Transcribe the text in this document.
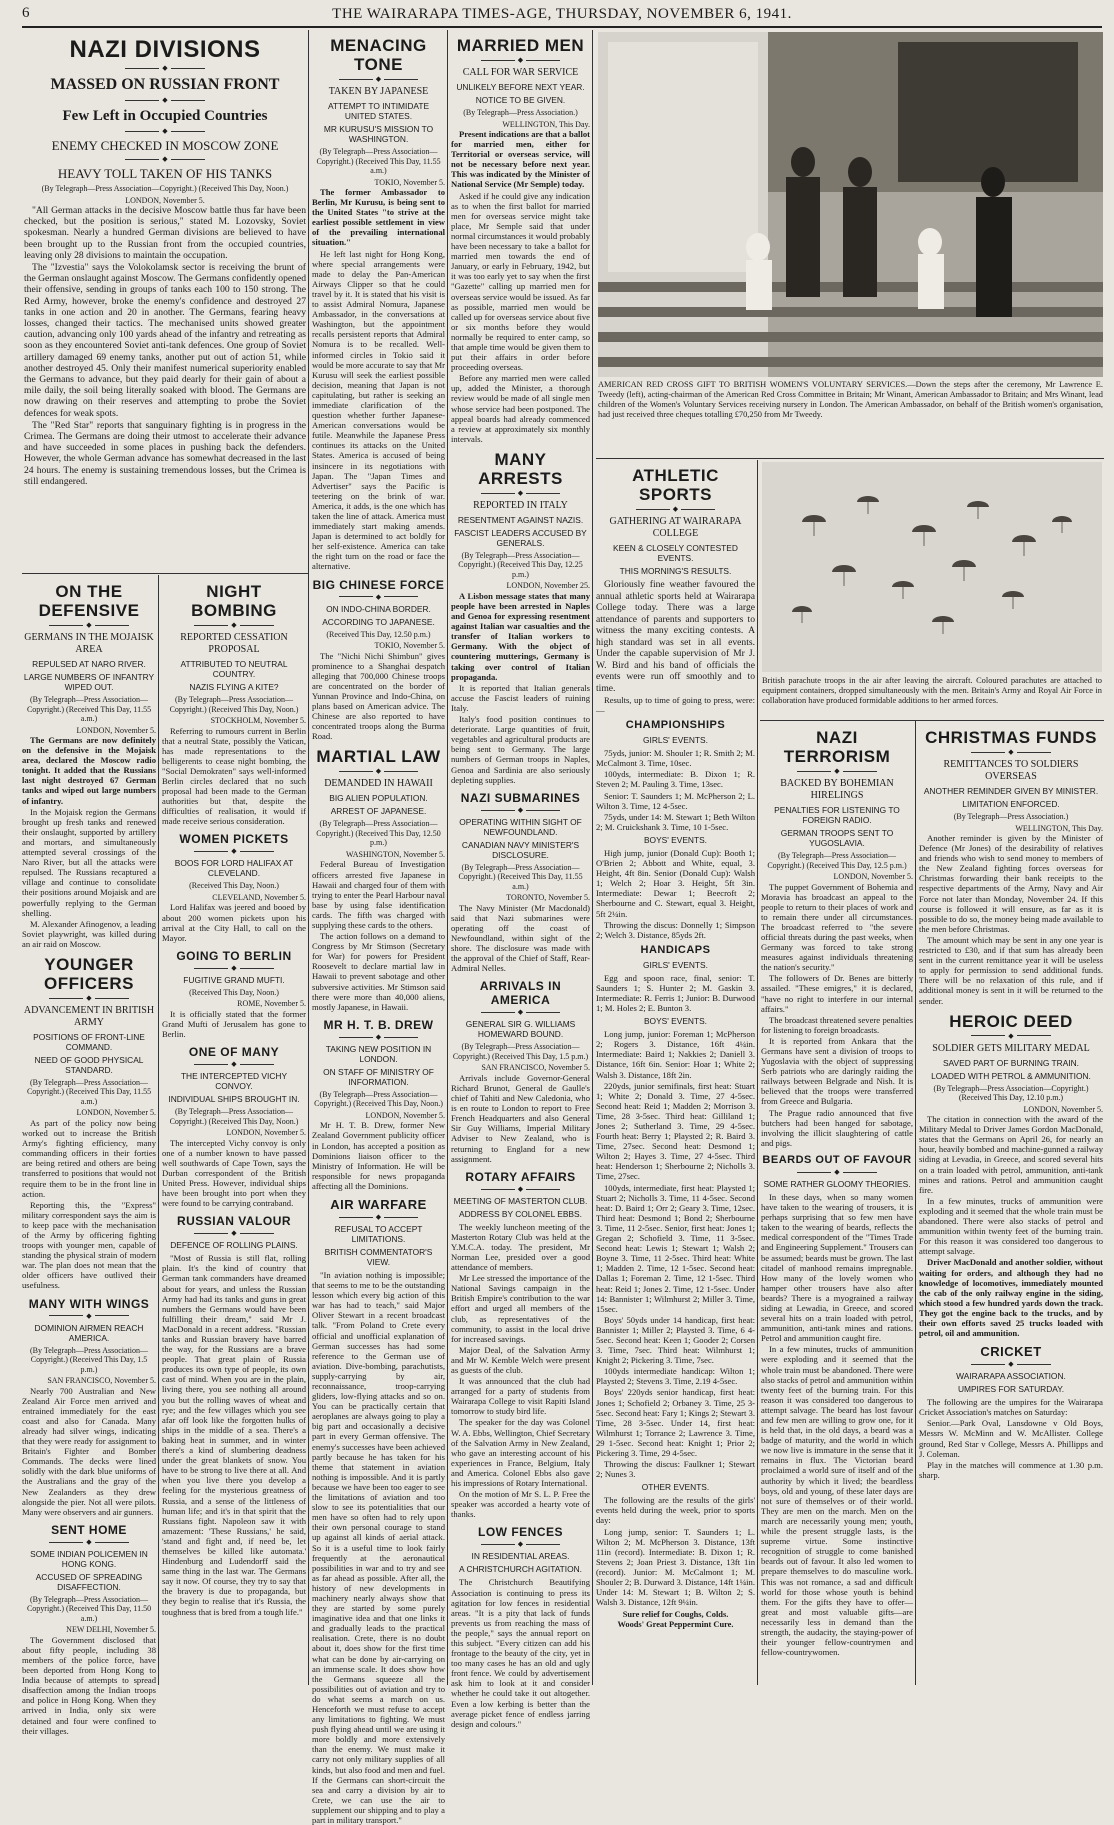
6	THE WAIRARAPA TIMES-AGE, THURSDAY, NOVEMBER 6, 1941.
NAZI DIVISIONS
◆
MASSED ON RUSSIAN FRONT
◆
Few Left in Occupied Countries
◆
ENEMY CHECKED IN MOSCOW ZONE
◆
HEAVY TOLL TAKEN OF HIS TANKS
(By Telegraph—Press Association—Copyright.) (Received This Day, Noon.)
LONDON, November 5.

"All German attacks in the decisive Moscow battle thus far have been checked, but the position is serious," stated M. Lozovsky, Soviet spokesman. Nearly a hundred German divisions are believed to have been brought up to the Russian front from the occupied countries, leaving only 28 divisions to maintain the occupation.

The "Izvestia" says the Volokolamsk sector is receiving the brunt of the German onslaught against Moscow. The Germans confidently opened their offensive, sending in groups of tanks each 100 to 150 strong. The Red Army, however, broke the enemy's confidence and destroyed 27 tanks in one action and 20 in another. The Germans, fearing heavy losses, changed their tactics. The mechanised units showed greater caution, advancing only 100 yards ahead of the infantry and retreating as soon as they encountered Soviet anti-tank defences. One group of Soviet artillery damaged 69 enemy tanks, another put out of action 51, while another destroyed 45. Only their manifest numerical superiority enabled the Germans to advance, but they paid dearly for their gain of about a mile daily, the soil being literally soaked with blood. The Germans are now drawing on their reserves and attempting to probe the Soviet defences for weak spots.

The "Red Star" reports that sanguinary fighting is in progress in the Crimea. The Germans are doing their utmost to accelerate their advance and have succeeded in some places in pushing back the defenders. However, the whole German advance has somewhat decreased in the last 24 hours. The enemy is sustaining tremendous losses, but the Crimea is still endangered.

ON THE DEFENSIVE
◆
GERMANS IN THE MOJAISK AREA
REPULSED AT NARO RIVER.
LARGE NUMBERS OF INFANTRY WIPED OUT.
(By Telegraph—Press Association—Copyright.) (Received This Day, 11.55 a.m.)
LONDON, November 5.

The Germans are now definitely on the defensive in the Mojaisk area, declared the Moscow radio tonight. It added that the Russians last night destroyed 67 German tanks and wiped out large numbers of infantry.

In the Mojaisk region the Germans brought up fresh tanks and renewed their onslaught, supported by artillery and mortars, and simultaneously attempted several crossings of the Naro River, but all the attacks were repulsed. The Russians recaptured a village and continue to consolidate their positions around Mojaisk and are powerfully replying to the German shelling.

M. Alexander Afinogenov, a leading Soviet playwright, was killed during an air raid on Moscow.

YOUNGER OFFICERS
◆
ADVANCEMENT IN BRITISH ARMY
POSITIONS OF FRONT-LINE COMMAND.
NEED OF GOOD PHYSICAL STANDARD.
(By Telegraph—Press Association—Copyright.) (Received This Day, 11.55 a.m.)
LONDON, November 5.

As part of the policy now being worked out to increase the British Army's fighting efficiency, many commanding officers in their forties are being retired and others are being transferred to positions that would not require them to be in the front line in action.

Reporting this, the "Express" military correspondent says the aim is to keep pace with the mechanisation of the Army by officering fighting troops with younger men, capable of standing the physical strain of modern war. The plan does not mean that the older officers have outlived their usefulness.

MANY WITH WINGS
◆
DOMINION AIRMEN REACH AMERICA.
(By Telegraph—Press Association—Copyright.) (Received This Day, 1.5 p.m.)
SAN FRANCISCO, November 5.

Nearly 700 Australian and New Zealand Air Force men arrived and entrained immediately for the east coast and also for Canada. Many already had silver wings, indicating that they were ready for assignment to Britain's Fighter and Bomber Commands. The decks were lined solidly with the dark blue uniforms of the Australians and the gray of the New Zealanders as they drew alongside the pier. Not all were pilots. Many were observers and air gunners.

SENT HOME
◆
SOME INDIAN POLICEMEN IN HONG KONG.
ACCUSED OF SPREADING DISAFFECTION.
(By Telegraph—Press Association—Copyright.) (Received This Day, 11.50 a.m.)
NEW DELHI, November 5.

The Government disclosed that about fifty people, including 38 members of the police force, have been deported from Hong Kong to India because of attempts to spread disaffection among the Indian troops and police in Hong Kong. When they arrived in India, only six were detained and four were confined to their villages.

NIGHT BOMBING
◆
REPORTED CESSATION PROPOSAL
ATTRIBUTED TO NEUTRAL COUNTRY.
NAZIS FLYING A KITE?
(By Telegraph—Press Association—Copyright.) (Received This Day, Noon.)
STOCKHOLM, November 5.

Referring to rumours current in Berlin that a neutral State, possibly the Vatican, has made representations to the belligerents to cease night bombing, the "Social Demokraten" says well-informed Berlin circles declared that no such proposal had been made to the German authorities but that, despite the difficulties of realisation, it would if made receive serious consideration.

WOMEN PICKETS
◆
BOOS FOR LORD HALIFAX AT CLEVELAND.
(Received This Day, Noon.)
CLEVELAND, November 5.

Lord Halifax was jeered and booed by about 200 women pickets upon his arrival at the City Hall, to call on the Mayor.

GOING TO BERLIN
◆
FUGITIVE GRAND MUFTI.
(Received This Day, Noon.)
ROME, November 5.

It is officially stated that the former Grand Mufti of Jerusalem has gone to Berlin.

ONE OF MANY
◆
THE INTERCEPTED VICHY CONVOY.
INDIVIDUAL SHIPS BROUGHT IN.
(By Telegraph—Press Association—Copyright.) (Received This Day, Noon.)
LONDON, November 5.

The intercepted Vichy convoy is only one of a number known to have passed well southwards of Cape Town, says the Durban correspondent of the British United Press. However, individual ships have been brought into port when they were found to be carrying contraband.

RUSSIAN VALOUR
◆
DEFENCE OF ROLLING PLAINS.

"Most of Russia is still flat, rolling plain. It's the kind of country that German tank commanders have dreamed about for years, and unless the Russian Army had had its tanks and guns in great numbers the Germans would have been fulfilling their dream," said Mr J. MacDonald in a recent address. "Russian tanks and Russian bravery have barred the way, for the Russians are a brave people. That great plain of Russia produces its own type of people, its own cast of mind. When you are in the plain, living there, you see nothing all around you but the rolling waves of wheat and rye; and the few villages which you see afar off look like the forgotten hulks of ships in the middle of a sea. There's a baking heat in summer, and in winter there's a kind of slumbering deadness under the great blankets of snow. You have to be strong to live there at all. And when you live there you develop a feeling for the mysterious greatness of Russia, and a sense of the littleness of human life; and it's in that spirit that the Russians fight. Napoleon saw it with amazement: 'These Russians,' he said, 'stand and fight and, if need be, let themselves be killed like automata.' Hindenburg and Ludendorff said the same thing in the last war. The Germans say it now. Of course, they try to say that the bravery is due to propaganda, but they begin to realise that it's Russia, the toughness that is bred from a tough life."

MENACING TONE
◆
TAKEN BY JAPANESE
ATTEMPT TO INTIMIDATE UNITED STATES.
MR KURUSU'S MISSION TO WASHINGTON.
(By Telegraph—Press Association—Copyright.) (Received This Day, 11.55 a.m.)
TOKIO, November 5.

The former Ambassador to Berlin, Mr Kurusu, is being sent to the United States "to strive at the earliest possible settlement in view of the prevailing international situation."

He left last night for Hong Kong, where special arrangements were made to delay the Pan-American Airways Clipper so that he could travel by it. It is stated that his visit is to assist Admiral Nomura, Japanese Ambassador, in the conversations at Washington, but the appointment recalls persistent reports that Admiral Nomura is to be recalled. Well-informed circles in Tokio said it would be more accurate to say that Mr Kurusu will seek the earliest possible decision, meaning that Japan is not capitulating, but rather is seeking an immediate clarification of the question whether further Japanese-American conversations would be futile. Meanwhile the Japanese Press continues its attacks on the United States. America is accused of being insincere in its negotiations with Japan. The "Japan Times and Advertiser" says the Pacific is teetering on the brink of war. America, it adds, is the one which has taken the line of attack. America must immediately start making amends. Japan is determined to act boldly for her self-existence. America can take the right turn on the road or face the alternative.

BIG CHINESE FORCE
◆
ON INDO-CHINA BORDER.
ACCORDING TO JAPANESE.
(Received This Day, 12.50 p.m.)
TOKIO, November 5.

The "Nichi Nichi Shimbun" gives prominence to a Shanghai despatch alleging that 700,000 Chinese troops are concentrated on the border of Yunnan Province and Indo-China, on plans based on American advice. The Chinese are also reported to have concentrated troops along the Burma Road.

MARTIAL LAW
◆
DEMANDED IN HAWAII
BIG ALIEN POPULATION.
ARREST OF JAPANESE.
(By Telegraph—Press Association—Copyright.) (Received This Day, 12.50 p.m.)
WASHINGTON, November 5.

Federal Bureau of Investigation officers arrested five Japanese in Hawaii and charged four of them with trying to enter the Pearl Harbour naval base by using false identification cards. The fifth was charged with supplying these cards to the others.

The action follows on a demand to Congress by Mr Stimson (Secretary for War) for powers for President Roosevelt to declare martial law in Hawaii to prevent sabotage and other subversive activities. Mr Stimson said there were more than 40,000 aliens, mostly Japanese, in Hawaii.

MR H. T. B. DREW
◆
TAKING NEW POSITION IN LONDON.
ON STAFF OF MINISTRY OF INFORMATION.
(By Telegraph—Press Association—Copyright.) (Received This Day, Noon.)
LONDON, November 5.

Mr H. T. B. Drew, former New Zealand Government publicity officer in London, has accepted a position as Dominions liaison officer to the Ministry of Information. He will be responsible for news propaganda affecting all the Dominions.

AIR WARFARE
◆
REFUSAL TO ACCEPT LIMITATIONS.
BRITISH COMMENTATOR'S VIEW.

"In aviation nothing is impossible; that seems to me to be the outstanding lesson which every big action of this war has had to teach," said Major Oliver Stewart in a recent broadcast talk. "From Poland to Crete every official and unofficial explanation of German successes has had some reference to the German use of aviation. Dive-bombing, parachutists, supply-carrying by air, reconnaissance, troop-carrying gliders, low-flying attacks and so on. You can be practically certain that aeroplanes are always going to play a big part and occasionally a decisive part in every German offensive. The enemy's successes have been achieved partly because he has taken for his theme that statement in aviation nothing is impossible. And it is partly because we have been too eager to see the limitations of aviation and too slow to see its potentialities that our men have so often had to rely upon their own personal courage to stand up against all kinds of aerial attack. So it is a useful time to look fairly frequently at the aeronautical possibilities in war and to try and see as far ahead as possible. After all, the history of new developments in machinery nearly always show that they are started by some purely imaginative idea and that one links it and gradually leads to the practical realisation. Crete, there is no doubt about it, does show for the first time what can be done by air-carrying on an immense scale. It does show how the Germans squeeze all the possibilities out of aviation and try to do what seems a march on us. Henceforth we must refuse to accept any limitations to fighting. We must push flying ahead until we are using it more boldly and more extensively than the enemy. We must make it carry not only military supplies of all kinds, but also food and men and fuel. If the Germans can short-circuit the sea and carry a division by air to Crete, we can use the air to supplement our shipping and to play a part in military transport."

MARRIED MEN
◆
CALL FOR WAR SERVICE
UNLIKELY BEFORE NEXT YEAR.
NOTICE TO BE GIVEN.
(By Telegraph—Press Association.)
WELLINGTON, This Day.

Present indications are that a ballot for married men, either for Territorial or overseas service, will not be necessary before next year. This was indicated by the Minister of National Service (Mr Semple) today.

Asked if he could give any indication as to when the first ballot for married men for overseas service might take place, Mr Semple said that under normal circumstances it would probably have been necessary to take a ballot for married men towards the end of January, or early in February, 1942, but it was too early yet to say when the first "Gazette" calling up married men for overseas service would be issued. As far as possible, married men would be called up for overseas service about five or six months before they would normally be required to enter camp, so that ample time would be given them to put their affairs in order before proceeding overseas.

Before any married men were called up, added the Minister, a thorough review would be made of all single men whose service had been postponed. The appeal boards had already commenced a review at approximately six monthly intervals.

MANY ARRESTS
◆
REPORTED IN ITALY
RESENTMENT AGAINST NAZIS.
FASCIST LEADERS ACCUSED BY GENERALS.
(By Telegraph—Press Association—Copyright.) (Received This Day, 12.25 p.m.)
LONDON, November 25.

A Lisbon message states that many people have been arrested in Naples and Genoa for expressing resentment against Italian war casualties and the transfer of Italian workers to Germany. With the object of countering mutterings, Germany is taking over control of Italian propaganda.

It is reported that Italian generals accuse the Fascist leaders of ruining Italy.

Italy's food position continues to deteriorate. Large quantities of fruit, vegetables and agricultural products are being sent to Germany. The large numbers of German troops in Naples, Genoa and Sardinia are also seriously depleting supplies.

NAZI SUBMARINES
◆
OPERATING WITHIN SIGHT OF NEWFOUNDLAND.
CANADIAN NAVY MINISTER'S DISCLOSURE.
(By Telegraph—Press Association—Copyright.) (Received This Day, 11.55 a.m.)
TORONTO, November 5.

The Navy Minister (Mr Macdonald) said that Nazi submarines were operating off the coast of Newfoundland, within sight of the shore. The disclosure was made with the approval of the Chief of Staff, Rear-Admiral Nelles.

ARRIVALS IN AMERICA
◆
GENERAL SIR G. WILLIAMS HOMEWARD BOUND.
(By Telegraph—Press Association—Copyright.) (Received This Day, 1.5 p.m.)
SAN FRANCISCO, November 5.

Arrivals include Governor-General Richard Brunot, General de Gaulle's chief of Tahiti and New Caledonia, who is en route to London to report to Free French Headquarters and also General Sir Guy Williams, Imperial Military Adviser to New Zealand, who is returning to England for a new assignment.

ROTARY AFFAIRS
◆
MEETING OF MASTERTON CLUB.
ADDRESS BY COLONEL EBBS.

The weekly luncheon meeting of the Masterton Rotary Club was held at the Y.M.C.A. today. The president, Mr Norman Lee, presided over a good attendance of members.

Mr Lee stressed the importance of the National Savings campaign in the British Empire's contribution to the war effort and urged all members of the club, as representatives of the community, to assist in the local drive for increased savings.

Major Deal, of the Salvation Army and Mr W. Kemble Welch were present as guests of the club.

It was announced that the club had arranged for a party of students from Wairarapa College to visit Rapiti Island tomorrow to study bird life.

The speaker for the day was Colonel W. A. Ebbs, Wellington, Chief Secretary of the Salvation Army in New Zealand, who gave an interesting account of his experiences in France, Belgium, Italy and America. Colonel Ebbs also gave his impressions of Rotary International.

On the motion of Mr S. L. P. Free the speaker was accorded a hearty vote of thanks.

LOW FENCES
◆
IN RESIDENTIAL AREAS.
A CHRISTCHURCH AGITATION.

The Christchurch Beautifying Association is continuing to press its agitation for low fences in residential areas. "It is a pity that lack of funds prevents us from reaching the mass of the people," says the annual report on this subject. "Every citizen can add his frontage to the beauty of the city, yet in too many cases he has an old and ugly front fence. We could by advertisement ask him to look at it and consider whether he could take it out altogether. Even a low kerbing is better than the average picket fence of endless jarring design and colours."

AMERICAN RED CROSS GIFT TO BRITISH WOMEN'S VOLUNTARY SERVICES.—Down the steps after the ceremony, Mr Lawrence E. Tweedy (left), acting-chairman of the American Red Cross Committee in Britain; Mr Winant, American Ambassador to Britain; and Mrs Winant, lead children of the Women's Voluntary Services receiving nursery in London. The American Ambassador, on behalf of the British women's organisation, had just received three cheques totalling £70,250 from Mr Tweedy.
British parachute troops in the air after leaving the aircraft. Coloured parachutes are attached to equipment containers, dropped simultaneously with the men. Britain's Army and Royal Air Force in collaboration have produced formidable additions to her armed forces.
ATHLETIC SPORTS
◆
GATHERING AT WAIRARAPA COLLEGE
KEEN & CLOSELY CONTESTED EVENTS.
THIS MORNING'S RESULTS.

Gloriously fine weather favoured the annual athletic sports held at Wairarapa College today. There was a large attendance of parents and supporters to witness the many exciting contests. A high standard was set in all events. Under the capable supervision of Mr J. W. Bird and his band of officials the events were run off smoothly and to time.

Results, up to time of going to press, were:—

CHAMPIONSHIPS
GIRLS' EVENTS.

75yds, junior: M. Shouler 1; R. Smith 2; M. McCalmont 3. Time, 10sec.

100yds, intermediate: B. Dixon 1; R. Steven 2; M. Pauling 3. Time, 13sec.

Senior: T. Saunders 1; M. McPherson 2; L. Wilton 3. Time, 12 4-5sec.

75yds, under 14: M. Stewart 1; Beth Wilton 2; M. Cruickshank 3. Time, 10 1-5sec.

BOYS' EVENTS.

High jump, junior (Donald Cup): Booth 1; O'Brien 2; Abbott and White, equal, 3. Height, 4ft 8in. Senior (Donald Cup): Walsh 1; Welch 2; Hoar 3. Height, 5ft 3in. Intermediate: Dewar 1; Beecroft 2; Sherbourne and C. Stewart, equal 3. Height, 5ft 2¼in.

Throwing the discus: Donnelly 1; Simpson 2; Welch 3. Distance, 85yds 2ft.

HANDICAPS
GIRLS' EVENTS.

Egg and spoon race, final, senior: T. Saunders 1; S. Hunter 2; M. Gaskin 3. Intermediate: R. Ferris 1; Junior: B. Durwood 1; M. Holes 2; E. Bunton 3.

BOYS' EVENTS.

Long jump, junior: Foreman 1; McPherson 2; Rogers 3. Distance, 16ft 4¼in. Intermediate: Baird 1; Nakkies 2; Daniell 3. Distance, 16ft 6in. Senior: Hoar 1; White 2; Walsh 3. Distance, 18ft 2in.

220yds, junior semifinals, first heat: Stuart 1; White 2; Donald 3. Time, 27 4-5sec. Second heat: Reid 1; Madden 2; Morrison 3. Time, 28 3-5sec. Third heat: Gilliland 1; Jones 2; Sutherland 3. Time, 29 4-5sec. Fourth heat: Berry 1; Playsted 2; R. Baird 3. Time, 27sec. Second heat: Desmond 1; Wilton 2; Hayes 3. Time, 27 4-5sec. Third heat: Henderson 1; Sherbourne 2; Nicholls 3. Time, 27sec.

100yds, intermediate, first heat: Playsted 1; Stuart 2; Nicholls 3. Time, 11 4-5sec. Second heat: D. Baird 1; Orr 2; Geary 3. Time, 12sec. Third heat: Desmond 1; Bond 2; Sherbourne 3. Time, 11 2-5sec. Senior, first heat: Jones 1; Gregan 2; Schofield 3. Time, 11 3-5sec. Second heat: Lewis 1; Stewart 1; Walsh 2; Boyne 3. Time, 11 2-5sec. Third heat: White 1; Madden 2. Time, 12 1-5sec. Second heat: Dallas 1; Foreman 2. Time, 12 1-5sec. Third heat: Reid 1; Jones 2. Time, 12 1-5sec. Under 14: Bannister 1; Wilmhurst 2; Miller 3. Time, 15sec.

Boys' 50yds under 14 handicap, first heat: Bannister 1; Miller 2; Playsted 3. Time, 6 4-5sec. Second heat: Keen 1; Gooder 2; Corsen 3. Time, 7sec. Third heat: Wilmhurst 1; Knight 2; Pickering 3. Time, 7sec.

100yds intermediate handicap: Wilton 1; Playsted 2; Stevens 3. Time, 2.19 4-5sec.

Boys' 220yds senior handicap, first heat: Jones 1; Schofield 2; Orbaney 3. Time, 25 3-5sec. Second heat: Fary 1; Kings 2; Stewart 3. Time, 28 3-5sec. Under 14, first heat: Wilmhurst 1; Torrance 2; Lawrence 3. Time, 29 1-5sec. Second heat: Knight 1; Prior 2; Pickering 3. Time, 29 4-5sec.

Throwing the discus: Faulkner 1; Stewart 2; Nunes 3.

OTHER EVENTS.

The following are the results of the girls' events held during the week, prior to sports day:

Long jump, senior: T. Saunders 1; L. Wilton 2; M. McPherson 3. Distance, 13ft 11in (record). Intermediate: B. Dixon 1; R. Stevens 2; Joan Priest 3. Distance, 13ft 1in (record). Junior: M. McCalmont 1; M. Shouler 2; B. Durward 3. Distance, 14ft 1¼in. Under 14: M. Stewart 1; B. Wilton 2; S. Walsh 3. Distance, 12ft 9¼in.

Sure relief for Coughs, Colds.
Woods' Great Peppermint Cure.
NAZI TERRORISM
◆
BACKED BY BOHEMIAN HIRELINGS
PENALTIES FOR LISTENING TO FOREIGN RADIO.
GERMAN TROOPS SENT TO YUGOSLAVIA.
(By Telegraph—Press Association—Copyright.) (Received This Day, 12.5 p.m.)
LONDON, November 5.

The puppet Government of Bohemia and Moravia has broadcast an appeal to the people to return to their places of work and to remain there under all circumstances. The broadcast referred to "the severe official threats during the past weeks, when Germany was forced to take strong measures against individuals threatening the nation's security."

The followers of Dr. Benes are bitterly assailed. "These emigres," it is declared, "have no right to interfere in our internal affairs."

The broadcast threatened severe penalties for listening to foreign broadcasts.

It is reported from Ankara that the Germans have sent a division of troops to Yugoslavia with the object of suppressing Serb patriots who are daringly raiding the railways between Belgrade and Nish. It is believed that the troops were transferred from Greece and Bulgaria.

The Prague radio announced that five butchers had been hanged for sabotage, involving the illicit slaughtering of cattle and pigs.

BEARDS OUT OF FAVOUR
◆
SOME RATHER GLOOMY THEORIES.

In these days, when so many women have taken to the wearing of trousers, it is perhaps surprising that so few men have taken to the wearing of beards, reflects the medical correspondent of the "Times Trade and Engineering Supplement." Trousers can be assumed; beards must be grown. The last citadel of manhood remains impregnable. How many of the lovely women who hamper other trousers have also after beards? There is a myograined a railway siding at Lewadia, in Greece, and scored several hits on a train loaded with petrol, ammunition, anti-tank mines and rations. Petrol and ammunition caught fire.

In a few minutes, trucks of ammunition were exploding and it seemed that the whole train must be abandoned. There were also stacks of petrol and ammunition within twenty feet of the burning train. For this reason it was considered too dangerous to attempt salvage. The beard has lost favour and few men are willing to grow one, for it is held that, in the old days, a beard was a badge of maturity, and the world in which we now live is immature in the sense that it remains in flux. The Victorian beard proclaimed a world sure of itself and of the authority by which it lived; the beardless boys, old and young, of these later days are not sure of themselves or of their world. They are men on the march. Men on the march are necessarily young men; youth, while the present struggle lasts, is the supreme virtue. Some instinctive recognition of struggle to come banished beards out of favour. It also led women to prepare themselves to do masculine work. This was not romance, a sad and difficult world for those whose youth is behind them. For the gifts they have to offer—great and most valuable gifts—are necessarily less in demand than the strength, the audacity, the staying-power of their younger fellow-countrymen and fellow-countrywomen.

CHRISTMAS FUNDS
◆
REMITTANCES TO SOLDIERS OVERSEAS
ANOTHER REMINDER GIVEN BY MINISTER.
LIMITATION ENFORCED.
(By Telegraph—Press Association.)
WELLINGTON, This Day.

Another reminder is given by the Minister of Defence (Mr Jones) of the desirability of relatives and friends who wish to send money to members of the New Zealand fighting forces overseas for Christmas forwarding their bank receipts to the respective departments of the Army, Navy and Air Force not later than Monday, November 24. If this course is followed it will ensure, as far as it is possible to do so, the money being made available to the men before Christmas.

The amount which may be sent in any one year is restricted to £30, and if that sum has already been sent in the current remittance year it will be useless to apply for permission to send additional funds. There will be no relaxation of this rule, and if additional money is sent in it will be returned to the sender.

HEROIC DEED
◆
SOLDIER GETS MILITARY MEDAL
SAVED PART OF BURNING TRAIN.
LOADED WITH PETROL & AMMUNITION.
(By Telegraph—Press Association—Copyright.) (Received This Day, 12.10 p.m.)
LONDON, November 5.

The citation in connection with the award of the Military Medal to Driver James Gordon MacDonald, states that the Germans on April 26, for nearly an hour, heavily bombed and machine-gunned a railway siding at Levadia, in Greece, and scored several hits on a train loaded with petrol, ammunition, anti-tank mines and rations. Petrol and ammunition caught fire.

In a few minutes, trucks of ammunition were exploding and it seemed that the whole train must be abandoned. There were also stacks of petrol and ammunition within twenty feet of the burning train. For this reason it was considered too dangerous to attempt salvage.

Driver MacDonald and another soldier, without waiting for orders, and although they had no knowledge of locomotives, immediately mounted the cab of the only railway engine in the siding, which stood a few hundred yards down the track. They got the engine back to the trucks, and by their own efforts saved 25 trucks loaded with petrol, oil and ammunition.

CRICKET
◆
WAIRARAPA ASSOCIATION.
UMPIRES FOR SATURDAY.

The following are the umpires for the Wairarapa Cricket Association's matches on Saturday:

Senior.—Park Oval, Lansdowne v Old Boys, Messrs W. McMinn and W. McAllister. College ground, Red Star v College, Messrs A. Phillipps and J. Coleman.

Play in the matches will commence at 1.30 p.m. sharp.
